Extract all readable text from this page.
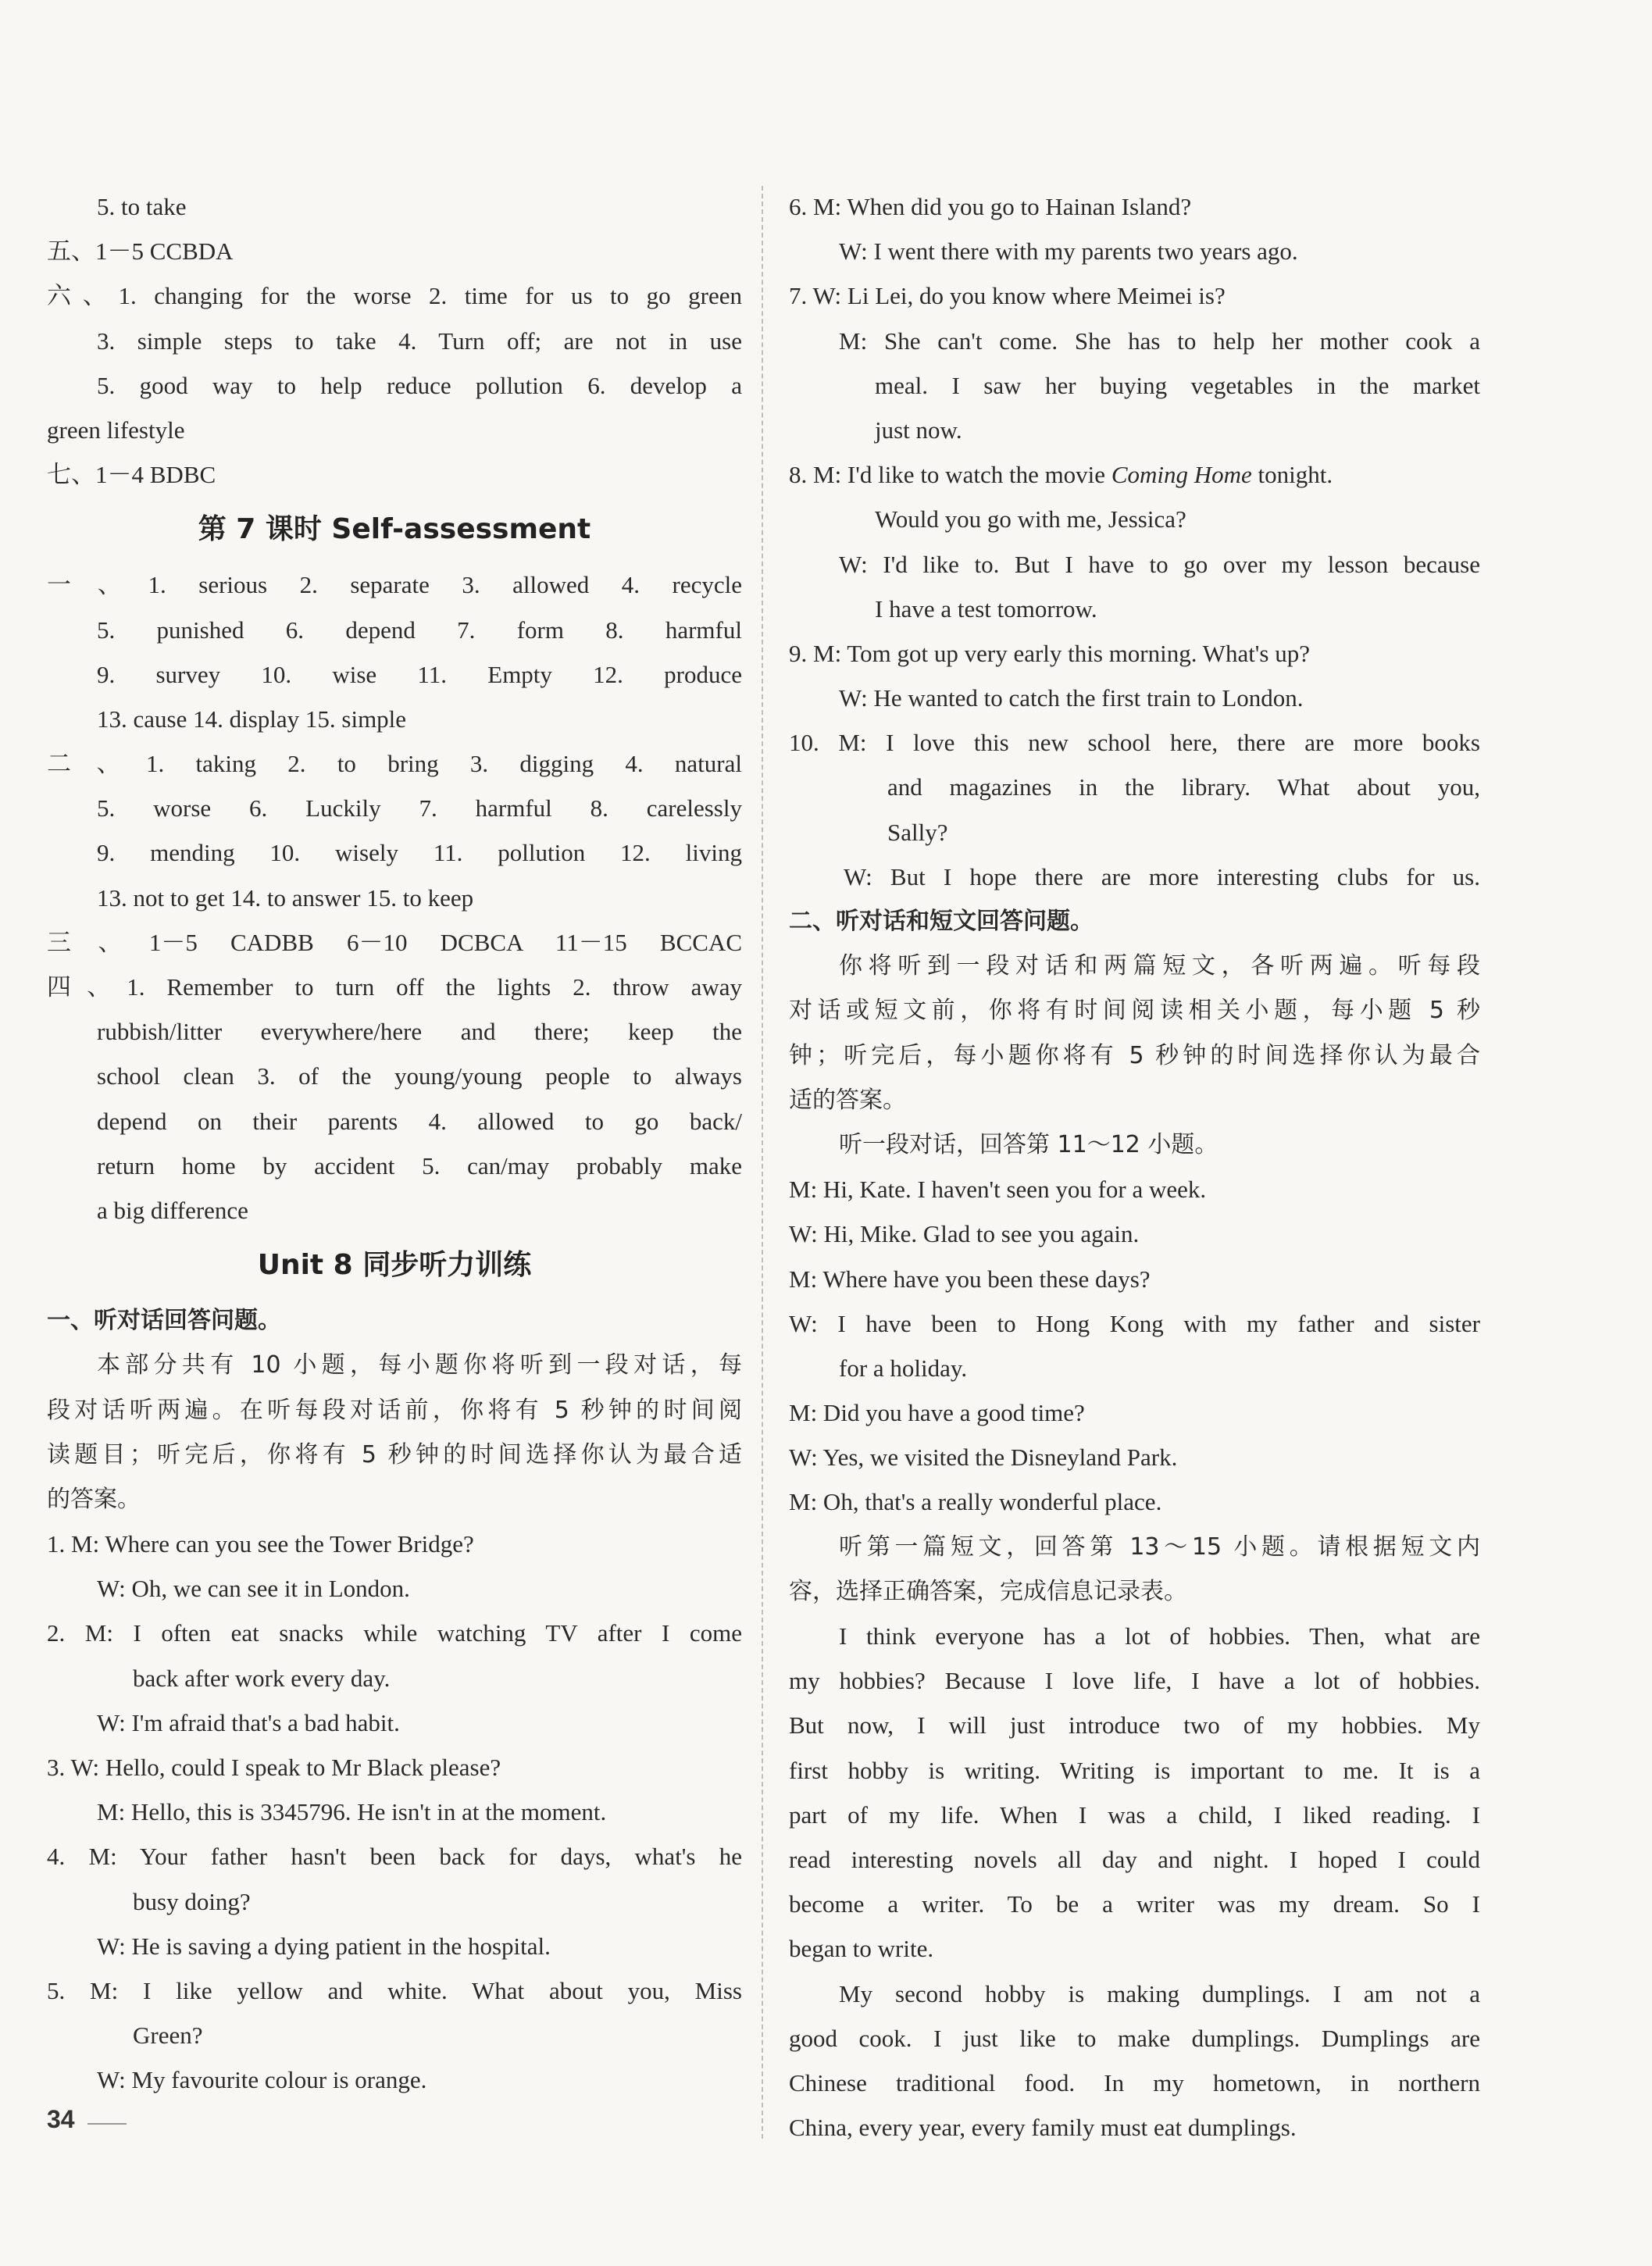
5. to take
五、1－5 CCBDA
六、1. changing for the worse 2. time for us to go green
3. simple steps to take 4. Turn off; are not in use
5. good way to help reduce pollution 6. develop a
green lifestyle
七、1－4 BDBC
第 7 课时 Self-assessment
一、1. serious 2. separate 3. allowed 4. recycle
5. punished 6. depend 7. form 8. harmful
9. survey 10. wise 11. Empty 12. produce
13. cause 14. display 15. simple
二、1. taking 2. to bring 3. digging 4. natural
5. worse 6. Luckily 7. harmful 8. carelessly
9. mending 10. wisely 11. pollution 12. living
13. not to get 14. to answer 15. to keep
三、1－5 CADBB 6－10 DCBCA 11－15 BCCAC
四、1. Remember to turn off the lights 2. throw away
rubbish/litter everywhere/here and there; keep the
school clean 3. of the young/young people to always
depend on their parents 4. allowed to go back/
return home by accident 5. can/may probably make
a big difference
Unit 8 同步听力训练
一、听对话回答问题。
本部分共有 10 小题，每小题你将听到一段对话，每
段对话听两遍。在听每段对话前，你将有 5 秒钟的时间阅
读题目；听完后，你将有 5 秒钟的时间选择你认为最合适
的答案。
1. M: Where can you see the Tower Bridge?
W: Oh, we can see it in London.
2. M: I often eat snacks while watching TV after I come
back after work every day.
W: I'm afraid that's a bad habit.
3. W: Hello, could I speak to Mr Black please?
M: Hello, this is 3345796. He isn't in at the moment.
4. M: Your father hasn't been back for days, what's he
busy doing?
W: He is saving a dying patient in the hospital.
5. M: I like yellow and white. What about you, Miss
Green?
W: My favourite colour is orange.
6. M: When did you go to Hainan Island?
W: I went there with my parents two years ago.
7. W: Li Lei, do you know where Meimei is?
M: She can't come. She has to help her mother cook a
meal. I saw her buying vegetables in the market
just now.
8. M: I'd like to watch the movie Coming Home tonight.
Would you go with me, Jessica?
W: I'd like to. But I have to go over my lesson because
I have a test tomorrow.
9. M: Tom got up very early this morning. What's up?
W: He wanted to catch the first train to London.
10. M: I love this new school here, there are more books
and magazines in the library. What about you,
Sally?
W: But I hope there are more interesting clubs for us.
二、听对话和短文回答问题。
你将听到一段对话和两篇短文，各听两遍。听每段
对话或短文前，你将有时间阅读相关小题，每小题 5 秒
钟；听完后，每小题你将有 5 秒钟的时间选择你认为最合
适的答案。
听一段对话，回答第 11～12 小题。
M: Hi, Kate. I haven't seen you for a week.
W: Hi, Mike. Glad to see you again.
M: Where have you been these days?
W: I have been to Hong Kong with my father and sister
for a holiday.
M: Did you have a good time?
W: Yes, we visited the Disneyland Park.
M: Oh, that's a really wonderful place.
听第一篇短文，回答第 13～15 小题。请根据短文内
容，选择正确答案，完成信息记录表。
I think everyone has a lot of hobbies. Then, what are
my hobbies? Because I love life, I have a lot of hobbies.
But now, I will just introduce two of my hobbies. My
first hobby is writing. Writing is important to me. It is a
part of my life. When I was a child, I liked reading. I
read interesting novels all day and night. I hoped I could
become a writer. To be a writer was my dream. So I
began to write.
My second hobby is making dumplings. I am not a
good cook. I just like to make dumplings. Dumplings are
Chinese traditional food. In my hometown, in northern
China, every year, every family must eat dumplings.
34
